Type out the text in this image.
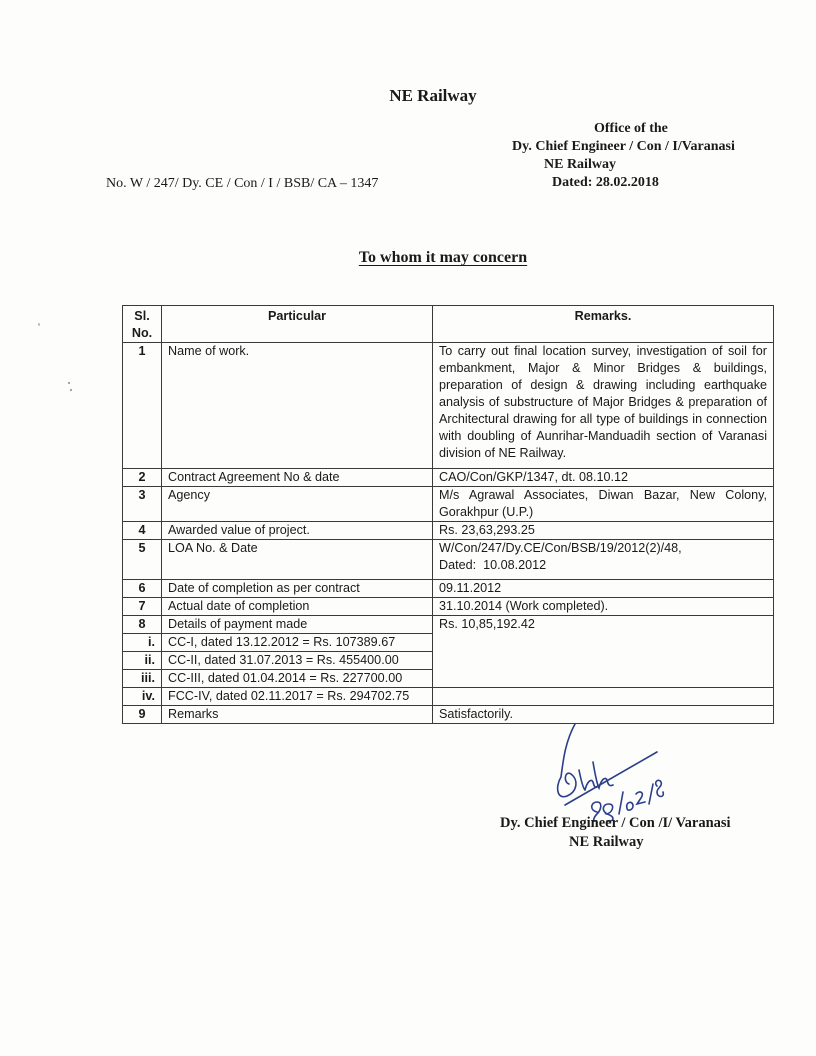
NE Railway
Office of the
Dy. Chief Engineer / Con / I/Varanasi
NE Railway
Dated: 28.02.2018
No. W / 247/ Dy. CE / Con / I / BSB/ CA – 1347
To whom it may concern
Sl.
No.	Particular	Remarks.
1	Name of work.	To carry out final location survey, investigation of soil for embankment, Major & Minor Bridges & buildings, preparation of design & drawing including earthquake analysis of substructure of Major Bridges & preparation of Architectural drawing for all type of buildings in connection with doubling of Aunrihar-Manduadih section of Varanasi division of NE Railway.
2	Contract Agreement No & date	CAO/Con/GKP/1347, dt. 08.10.12
3	Agency	M/s Agrawal Associates, Diwan Bazar, New Colony, Gorakhpur (U.P.)
4	Awarded value of project.	Rs. 23,63,293.25
5	LOA No. & Date	W/Con/247/Dy.CE/Con/BSB/19/2012(2)/48,
Dated:  10.08.2012

6	Date of completion as per contract	09.11.2012
7	Actual date of completion	31.10.2014 (Work completed).
8	Details of payment made	Rs. 10,85,192.42
i.	CC-I, dated 13.12.2012 = Rs. 107389.67	
ii.	CC-II, dated 31.07.2013 = Rs. 455400.00	
iii.	CC-III, dated 01.04.2014 = Rs. 227700.00	
iv.	FCC-IV, dated 02.11.2017 = Rs. 294702.75	
9	Remarks	Satisfactorily.
Dy. Chief Engineer / Con /I/ Varanasi
NE Railway
